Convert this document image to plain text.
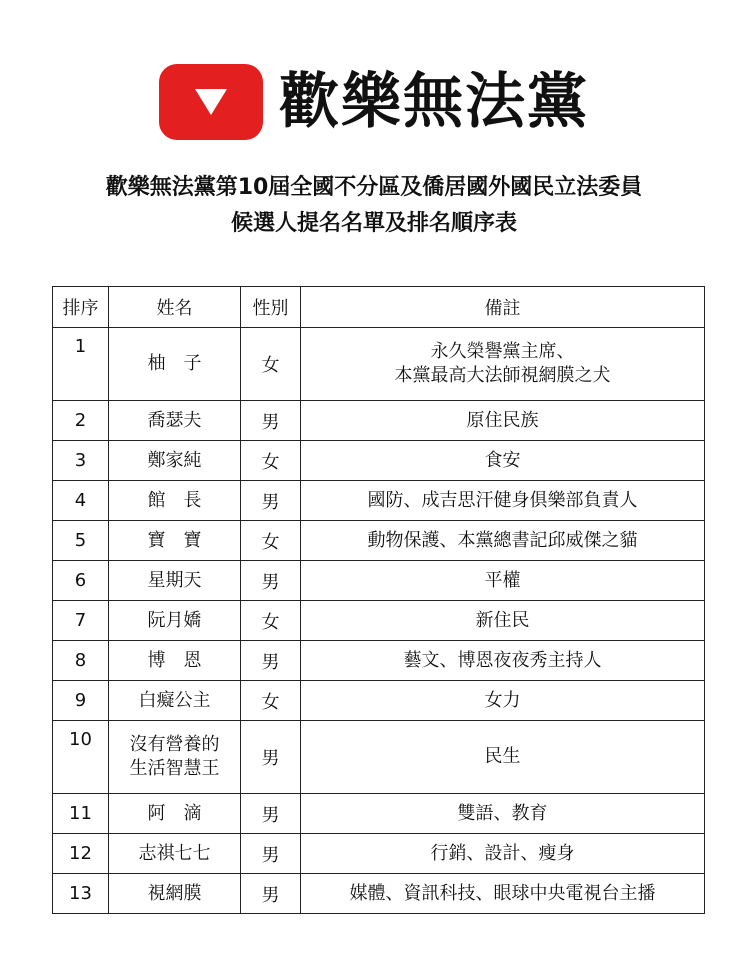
歡樂無法黨
歡樂無法黨第10屆全國不分區及僑居國外國民立法委員
候選人提名名單及排名順序表
排序	姓名	性別	備註

1	柚　子	女	永久榮譽黨主席、
本黨最高大法師視網膜之犬

2	喬瑟夫	男	原住民族

3	鄭家純	女	食安

4	館　長	男	國防、成吉思汗健身俱樂部負責人

5	寶　寶	女	動物保護、本黨總書記邱威傑之貓

6	星期天	男	平權

7	阮月嬌	女	新住民

8	博　恩	男	藝文、博恩夜夜秀主持人

9	白癡公主	女	女力

10	沒有營養的
生活智慧王	男	民生

11	阿　滴	男	雙語、教育

12	志祺七七	男	行銷、設計、瘦身

13	視網膜	男	媒體、資訊科技、眼球中央電視台主播
